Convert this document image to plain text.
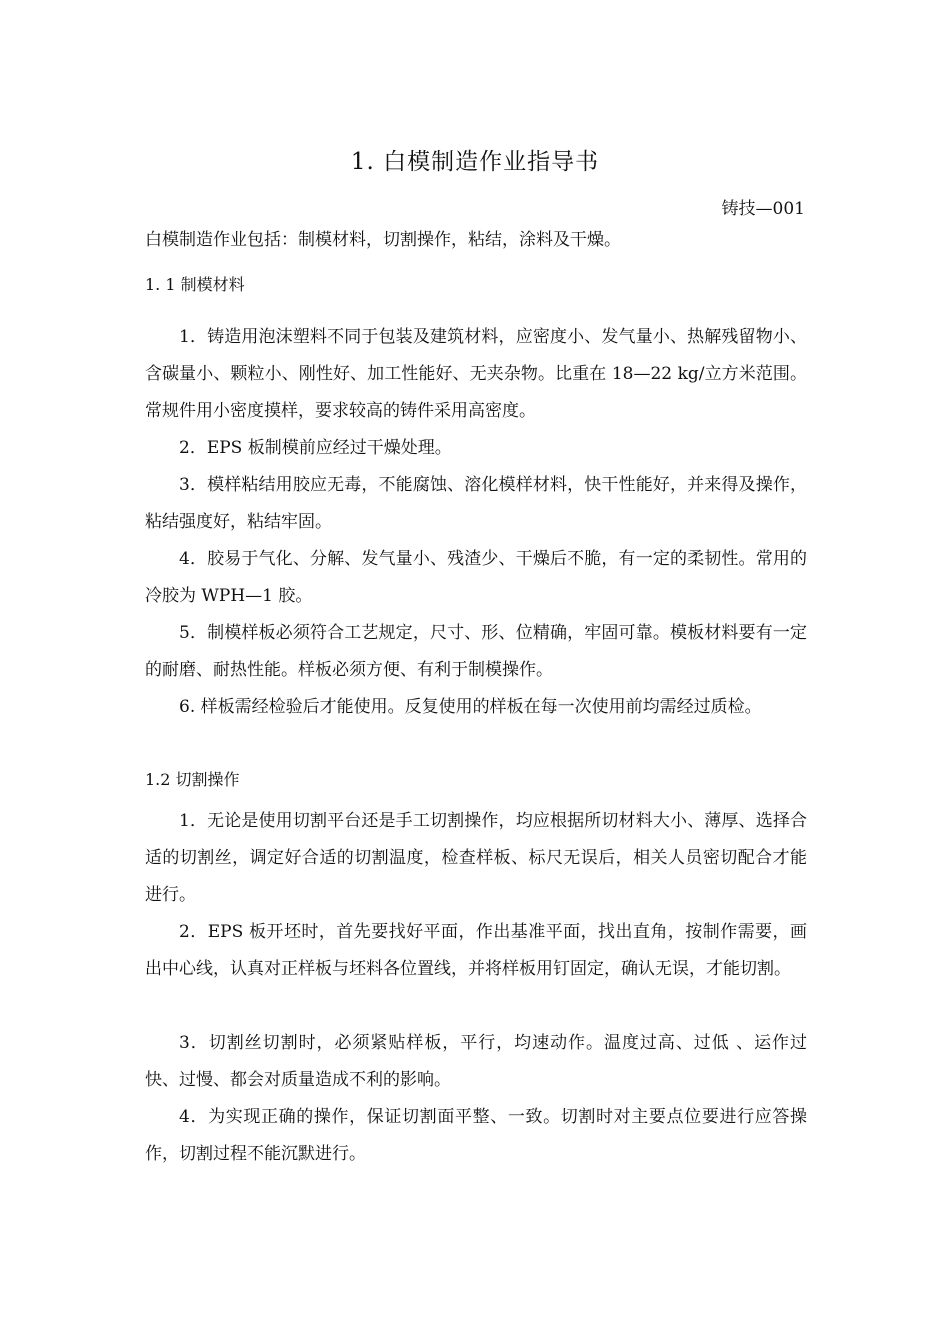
1. 白模制造作业指导书
铸技—001
白模制造作业包括：制模材料，切割操作，粘结，涂料及干燥。
1. 1 制模材料

1．铸造用泡沫塑料不同于包装及建筑材料，应密度小、发气量小、热解残留物小、含碳量小、颗粒小、刚性好、加工性能好、无夹杂物。比重在 18—22 kg/立方米范围。常规件用小密度摸样，要求较高的铸件采用高密度。

2．EPS 板制模前应经过干燥处理。

3．模样粘结用胶应无毒，不能腐蚀、溶化模样材料，快干性能好，并来得及操作，粘结强度好，粘结牢固。

4．胶易于气化、分解、发气量小、残渣少、干燥后不脆，有一定的柔韧性。常用的冷胶为 WPH—1 胶。

5．制模样板必须符合工艺规定，尺寸、形、位精确，牢固可靠。模板材料要有一定的耐磨、耐热性能。样板必须方便、有利于制模操作。

6. 样板需经检验后才能使用。反复使用的样板在每一次使用前均需经过质检。

1.2 切割操作

1．无论是使用切割平台还是手工切割操作，均应根据所切材料大小、薄厚、选择合适的切割丝，调定好合适的切割温度，检查样板、标尺无误后，相关人员密切配合才能进行。

2．EPS 板开坯时，首先要找好平面，作出基准平面，找出直角，按制作需要，画出中心线，认真对正样板与坯料各位置线，并将样板用钉固定，确认无误，才能切割。

3．切割丝切割时，必须紧贴样板，平行，均速动作。温度过高、过低 、运作过快、过慢、都会对质量造成不利的影响。

4．为实现正确的操作，保证切割面平整、一致。切割时对主要点位要进行应答操作，切割过程不能沉默进行。
